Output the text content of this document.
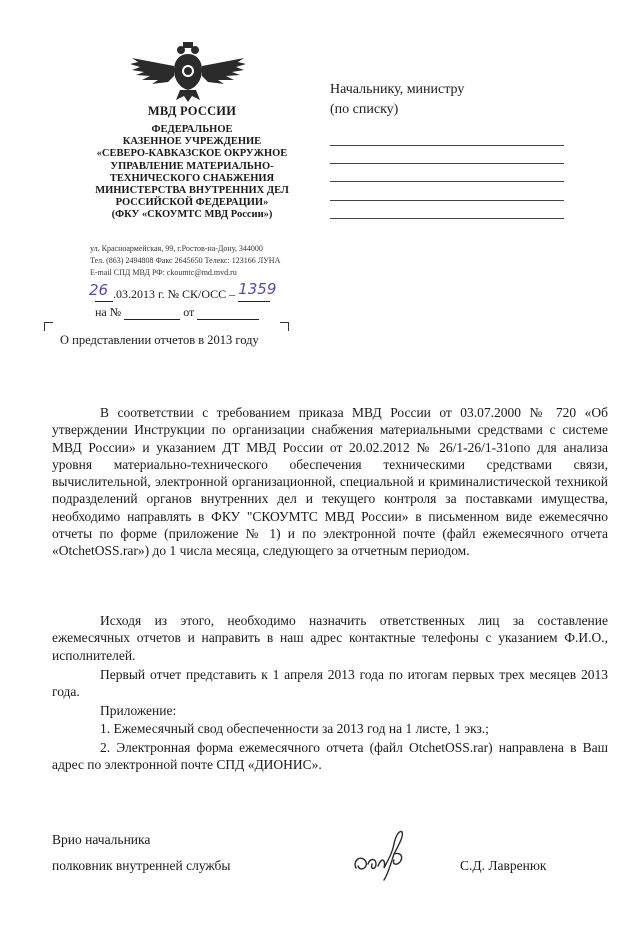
МВД РОССИИ
ФЕДЕРАЛЬНОЕ
КАЗЕННОЕ УЧРЕЖДЕНИЕ
«СЕВЕРО-КАВКАЗСКОЕ ОКРУЖНОЕ
УПРАВЛЕНИЕ МАТЕРИАЛЬНО-
ТЕХНИЧЕСКОГО СНАБЖЕНИЯ
МИНИСТЕРСТВА ВНУТРЕННИХ ДЕЛ
РОССИЙСКОЙ ФЕДЕРАЦИИ»
(ФКУ «СКОУМТС МВД России»)
ул. Красноармейская, 99, г.Ростов-на-Дону, 344000
Тел. (863) 2494808 Факс 2645650 Телекс: 123166 ЛУНА
E-mail СПД МВД РФ: ckoumtc@md.mvd.ru
26 .03.2013 г. № СК/ОСС – 1359
на №	от
О представлении отчетов в 2013 году
Начальнику, министру
(по списку)
В соответствии с требованием приказа МВД России от 03.07.2000 № 720 «Об утверждении Инструкции по организации снабжения материальными средствами с системе МВД России» и указанием ДТ МВД России от 20.02.2012 № 26/1-26/1-31опо для анализа уровня материально-технического обеспечения техническими средствами связи, вычислительной, электронной организационной, специальной и криминалистической техникой подразделений органов внутренних дел и текущего контроля за поставками имущества, необходимо направлять в ФКУ "СКОУМТС МВД России» в письменном виде ежемесячно отчеты по форме (приложение № 1) и по электронной почте (файл ежемесячного отчета «OtchetOSS.rar») до 1 числа месяца, следующего за отчетным периодом.
Исходя из этого, необходимо назначить ответственных лиц за составление ежемесячных отчетов и направить в наш адрес контактные телефоны с указанием Ф.И.О., исполнителей.
Первый отчет представить к 1 апреля 2013 года по итогам первых трех месяцев 2013 года.
Приложение:
1. Ежемесячный свод обеспеченности за 2013 год на 1 листе, 1 экз.;
2. Электронная форма ежемесячного отчета (файл OtchetOSS.rar) направлена в Ваш адрес по электронной почте СПД «ДИОНИС».
Врио начальника
полковник внутренней службы	С.Д. Лавренюк
